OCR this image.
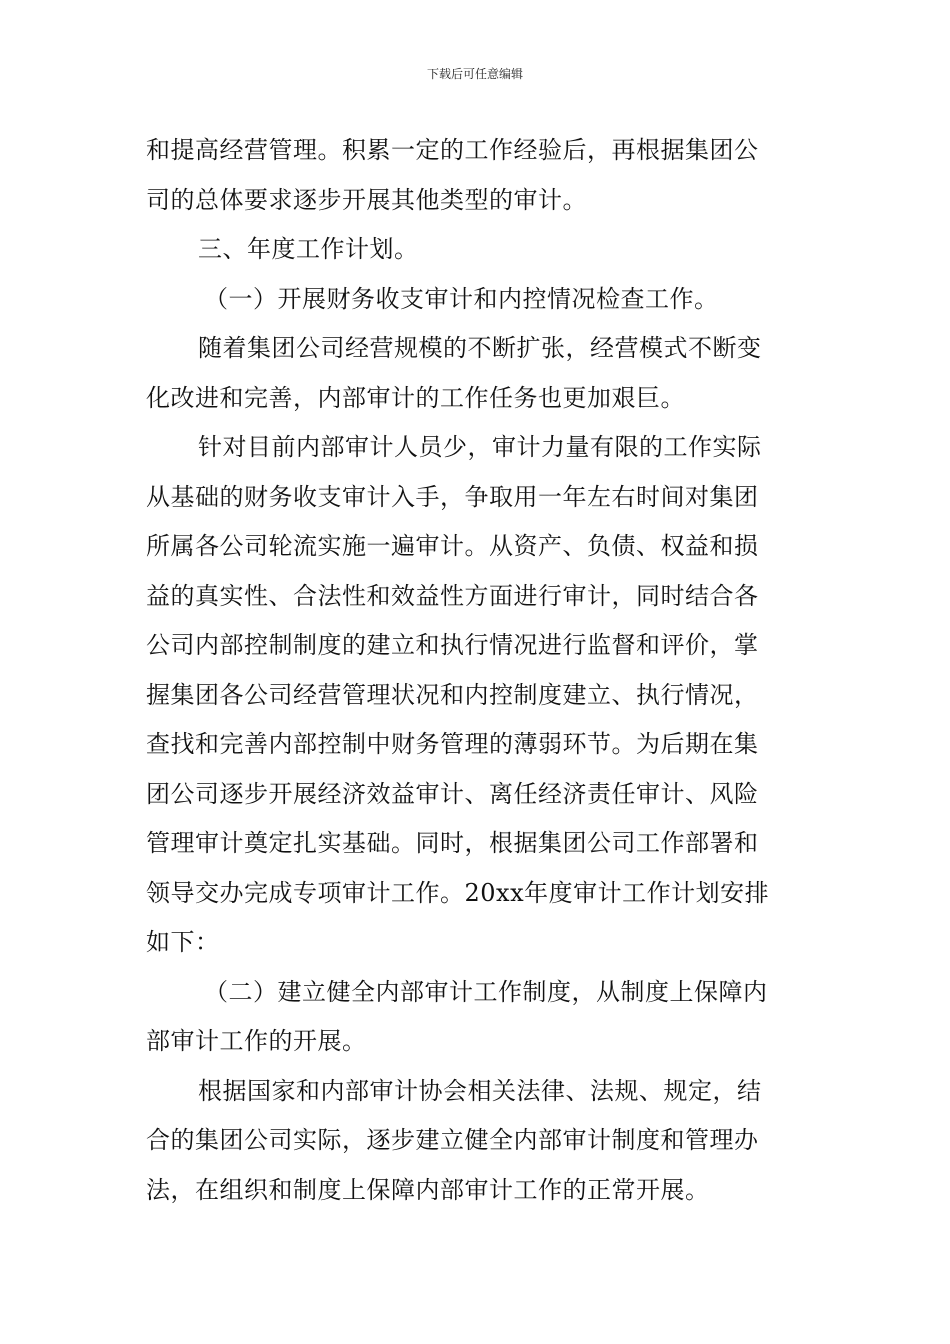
下载后可任意编辑
和提高经营管理。积累一定的工作经验后，再根据集团公
司的总体要求逐步开展其他类型的审计。
三、年度工作计划。
（一）开展财务收支审计和内控情况检查工作。
随着集团公司经营规模的不断扩张，经营模式不断变
化改进和完善，内部审计的工作任务也更加艰巨。
针对目前内部审计人员少，审计力量有限的工作实际
从基础的财务收支审计入手，争取用一年左右时间对集团
所属各公司轮流实施一遍审计。从资产、负债、权益和损
益的真实性、合法性和效益性方面进行审计，同时结合各
公司内部控制制度的建立和执行情况进行监督和评价，掌
握集团各公司经营管理状况和内控制度建立、执行情况，
查找和完善内部控制中财务管理的薄弱环节。为后期在集
团公司逐步开展经济效益审计、离任经济责任审计、风险
管理审计奠定扎实基础。同时，根据集团公司工作部署和
领导交办完成专项审计工作。20xx年度审计工作计划安排
如下：
（二）建立健全内部审计工作制度，从制度上保障内
部审计工作的开展。
根据国家和内部审计协会相关法律、法规、规定，结
合的集团公司实际，逐步建立健全内部审计制度和管理办
法，在组织和制度上保障内部审计工作的正常开展。
